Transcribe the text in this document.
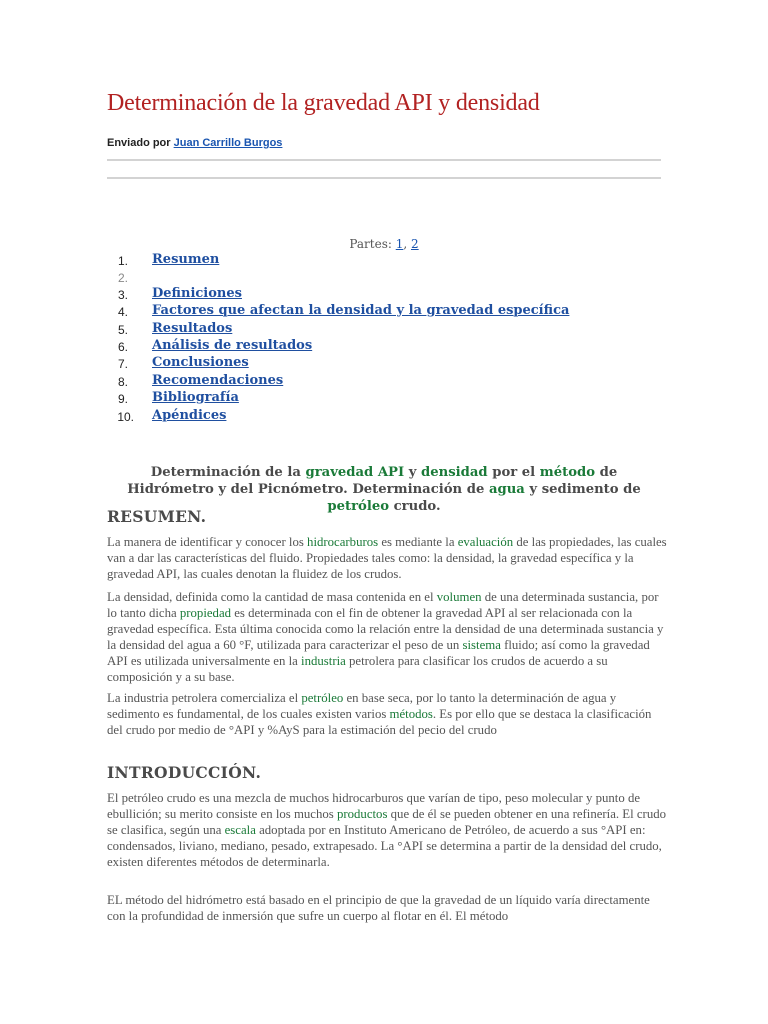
Determinación de la gravedad API y densidad
Enviado por Juan Carrillo Burgos
Partes: 1, 2
1. Resumen
2.
3. Definiciones
4. Factores que afectan la densidad y la gravedad específica
5. Resultados
6. Análisis de resultados
7. Conclusiones
8. Recomendaciones
9. Bibliografía
10. Apéndices
Determinación de la gravedad API y densidad por el método de Hidrómetro y del Picnómetro. Determinación de agua y sedimento de petróleo crudo.
RESUMEN.

La manera de identificar y conocer los hidrocarburos es mediante la evaluación de las propiedades, las cuales van a dar las características del fluido. Propiedades tales como: la densidad, la gravedad específica y la gravedad API, las cuales denotan la fluidez de los crudos.

La densidad, definida como la cantidad de masa contenida en el volumen de una determinada sustancia, por lo tanto dicha propiedad es determinada con el fin de obtener la gravedad API al ser relacionada con la gravedad específica. Esta última conocida como la relación entre la densidad de una determinada sustancia y la densidad del agua a 60 °F, utilizada para caracterizar el peso de un sistema fluido; así como la gravedad API es utilizada universalmente en la industria petrolera para clasificar los crudos de acuerdo a su composición y a su base.

La industria petrolera comercializa el petróleo en base seca, por lo tanto la determinación de agua y sedimento es fundamental, de los cuales existen varios métodos. Es por ello que se destaca la clasificación del crudo por medio de °API y %AyS para la estimación del pecio del crudo

INTRODUCCIÓN.

El petróleo crudo es una mezcla de muchos hidrocarburos que varían de tipo, peso molecular y punto de ebullición; su merito consiste en los muchos productos que de él se pueden obtener en una refinería. El crudo se clasifica, según una escala adoptada por en Instituto Americano de Petróleo, de acuerdo a sus °API en: condensados, liviano, mediano, pesado, extrapesado. La °API se determina a partir de la densidad del crudo, existen diferentes métodos de determinarla.

EL método del hidrómetro está basado en el principio de que la gravedad de un líquido varía directamente con la profundidad de inmersión que sufre un cuerpo al flotar en él. El método
